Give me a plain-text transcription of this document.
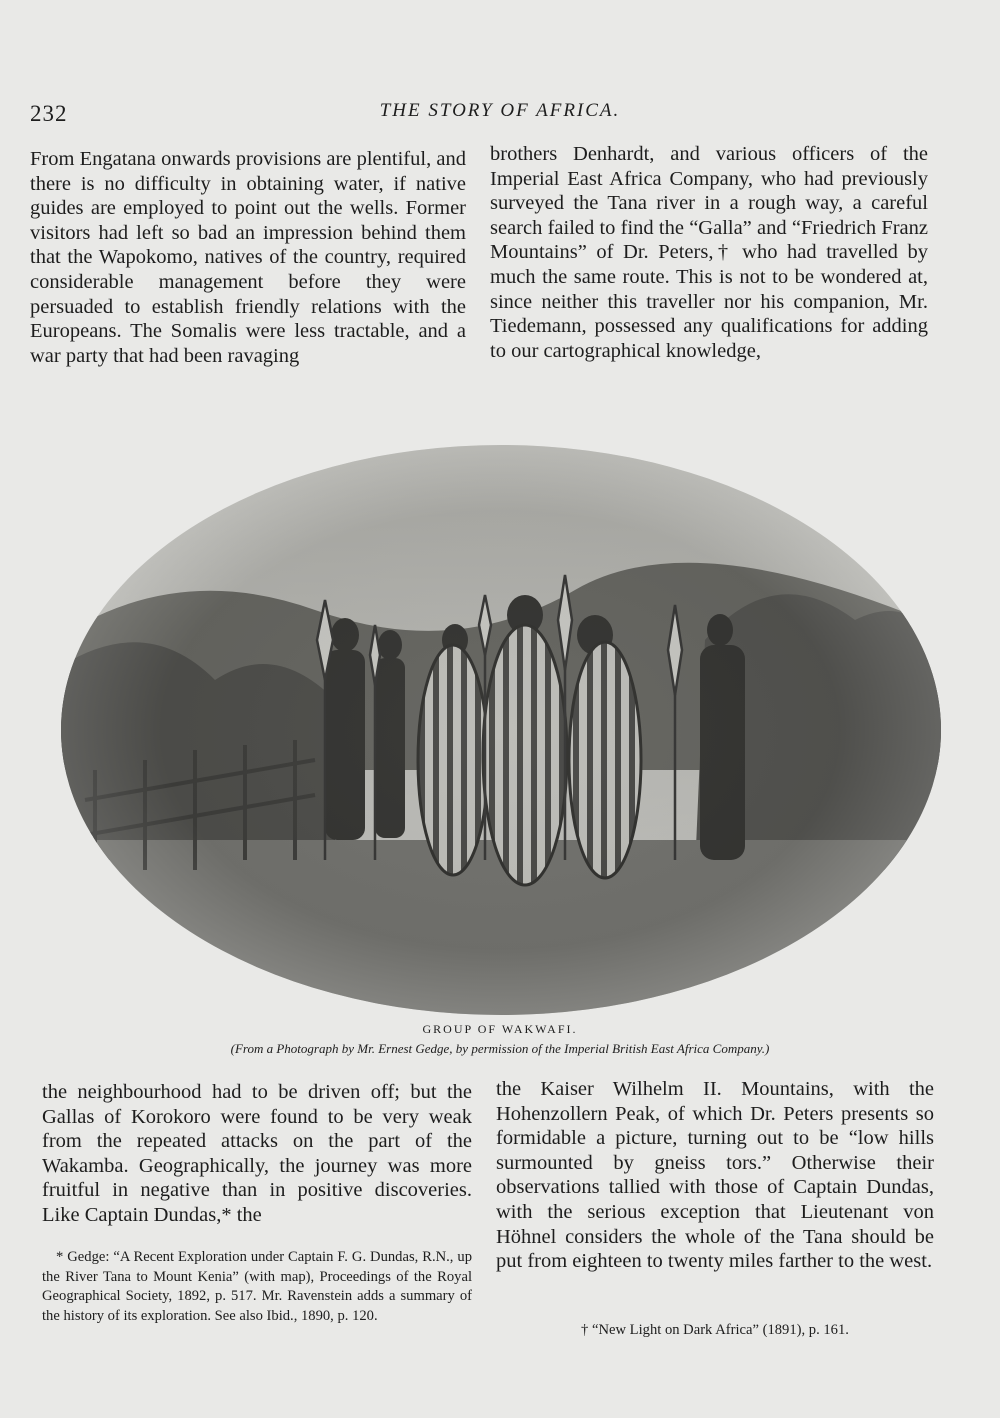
232	THE STORY OF AFRICA.

From Engatana onwards provisions are plentiful, and there is no difficulty in obtaining water, if native guides are employed to point out the wells. Former visitors had left so bad an impression behind them that the Wapokomo, natives of the country, required considerable management before they were persuaded to establish friendly relations with the Europeans. The Somalis were less tractable, and a war party that had been ravaging

brothers Denhardt, and various officers of the Imperial East Africa Company, who had previously surveyed the Tana river in a rough way, a careful search failed to find the “Galla” and “Friedrich Franz Mountains” of Dr. Peters,† who had travelled by much the same route. This is not to be wondered at, since neither this traveller nor his companion, Mr. Tiedemann, possessed any qualifications for adding to our cartographical knowledge,

GROUP OF WAKWAFI.
(From a Photograph by Mr. Ernest Gedge, by permission of the Imperial British East Africa Company.)

the neighbourhood had to be driven off; but the Gallas of Korokoro were found to be very weak from the repeated attacks on the part of the Wakamba. Geographically, the journey was more fruitful in negative than in positive discoveries. Like Captain Dundas,* the

the Kaiser Wilhelm II. Mountains, with the Hohenzollern Peak, of which Dr. Peters presents so formidable a picture, turning out to be “low hills surmounted by gneiss tors.” Otherwise their observations tallied with those of Captain Dundas, with the serious exception that Lieutenant von Höhnel considers the whole of the Tana should be put from eighteen to twenty miles farther to the west.

* Gedge: “A Recent Exploration under Captain F. G. Dundas, R.N., up the River Tana to Mount Kenia” (with map), Proceedings of the Royal Geographical Society, 1892, p. 517. Mr. Ravenstein adds a summary of the history of its exploration. See also Ibid., 1890, p. 120.

† “New Light on Dark Africa” (1891), p. 161.
